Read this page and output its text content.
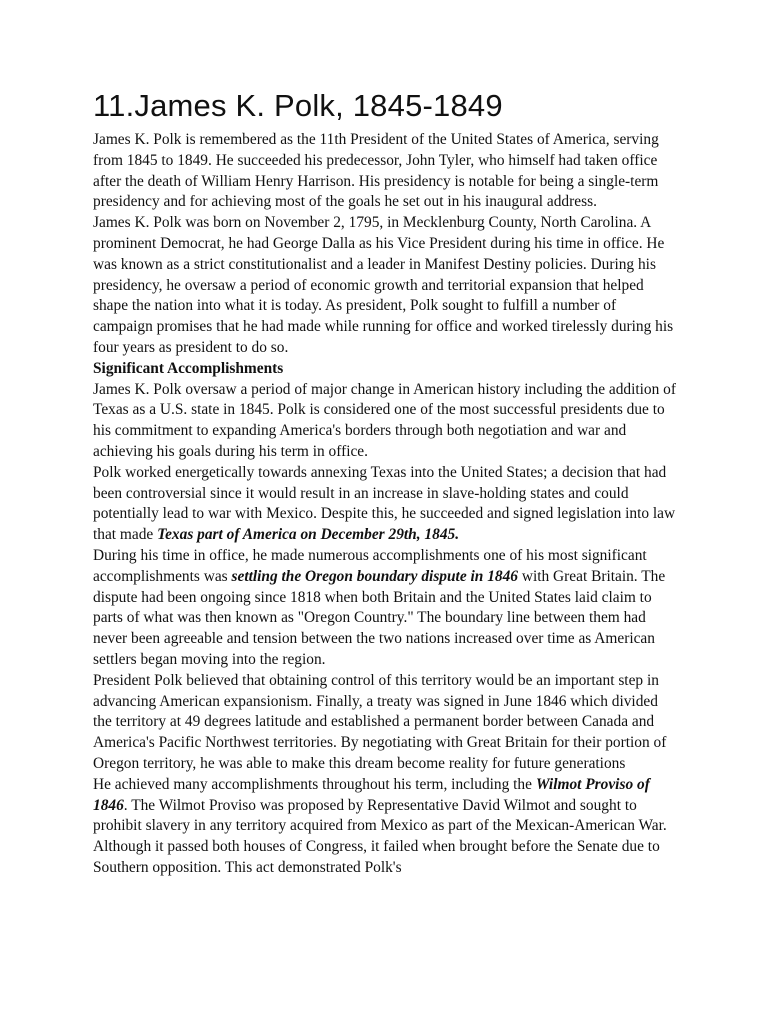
11.James K. Polk, 1845-1849

James K. Polk is remembered as the 11th President of the United States of America, serving from 1845 to 1849. He succeeded his predecessor, John Tyler, who himself had taken office after the death of William Henry Harrison. His presidency is notable for being a single-term presidency and for achieving most of the goals he set out in his inaugural address.

James K. Polk was born on November 2, 1795, in Mecklenburg County, North Carolina. A prominent Democrat, he had George Dalla as his Vice President during his time in office. He was known as a strict constitutionalist and a leader in Manifest Destiny policies. During his presidency, he oversaw a period of economic growth and territorial expansion that helped shape the nation into what it is today. As president, Polk sought to fulfill a number of campaign promises that he had made while running for office and worked tirelessly during his four years as president to do so.

Significant Accomplishments

James K. Polk oversaw a period of major change in American history including the addition of Texas as a U.S. state in 1845. Polk is considered one of the most successful presidents due to his commitment to expanding America's borders through both negotiation and war and achieving his goals during his term in office.

Polk worked energetically towards annexing Texas into the United States; a decision that had been controversial since it would result in an increase in slave-holding states and could potentially lead to war with Mexico. Despite this, he succeeded and signed legislation into law that made Texas part of America on December 29th, 1845.

During his time in office, he made numerous accomplishments one of his most significant accomplishments was settling the Oregon boundary dispute in 1846 with Great Britain. The dispute had been ongoing since 1818 when both Britain and the United States laid claim to parts of what was then known as "Oregon Country." The boundary line between them had never been agreeable and tension between the two nations increased over time as American settlers began moving into the region.

President Polk believed that obtaining control of this territory would be an important step in advancing American expansionism. Finally, a treaty was signed in June 1846 which divided the territory at 49 degrees latitude and established a permanent border between Canada and America's Pacific Northwest territories. By negotiating with Great Britain for their portion of Oregon territory, he was able to make this dream become reality for future generations

He achieved many accomplishments throughout his term, including the Wilmot Proviso of 1846. The Wilmot Proviso was proposed by Representative David Wilmot and sought to prohibit slavery in any territory acquired from Mexico as part of the Mexican-American War. Although it passed both houses of Congress, it failed when brought before the Senate due to Southern opposition. This act demonstrated Polk's
